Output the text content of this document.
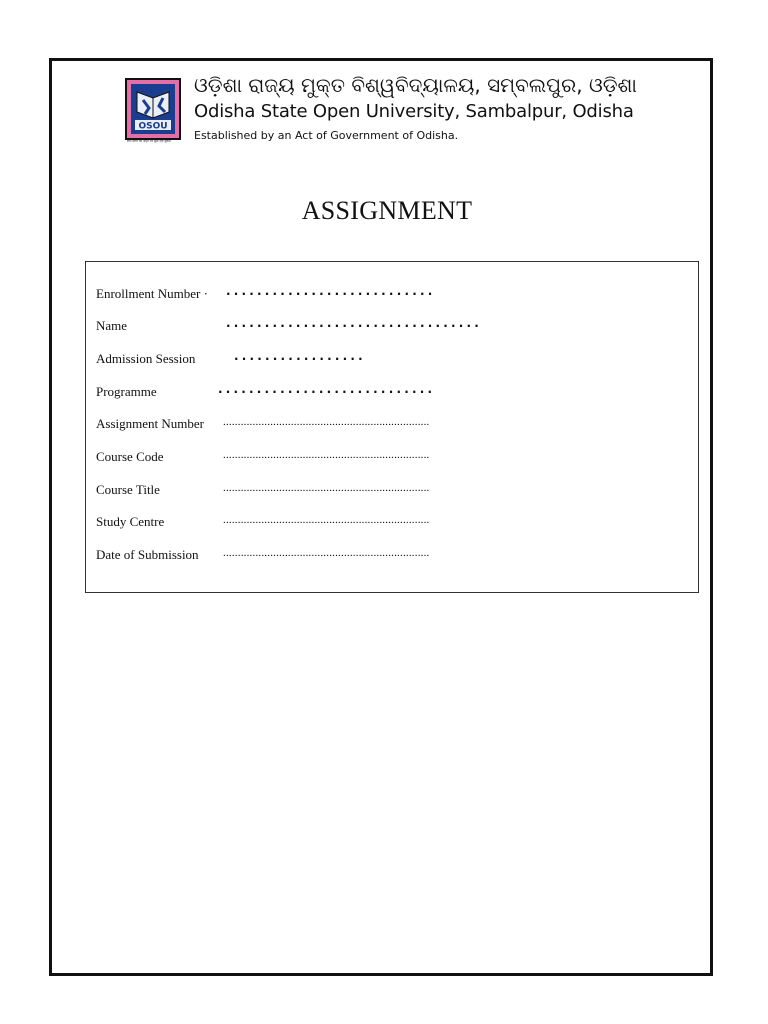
OSOU
ज्ञान सागर का अमृत एव कुछ नहीं सुषमा
ଓଡ଼ିଶା ରାଜ୍ୟ ମୁକ୍ତ ବିଶ୍ୱବିଦ୍ୟାଳୟ, ସମ୍ବଲପୁର, ଓଡ଼ିଶା
Odisha State Open University, Sambalpur, Odisha
Established by an Act of Government of Odisha.
ASSIGNMENT
Enrollment Number · ...........................
Name	.................................
Admission Session	.................
Programme	............................
Assignment Number ......................................................................
Course Code	......................................................................
Course Title	......................................................................
Study Centre	......................................................................
Date of Submission ......................................................................
